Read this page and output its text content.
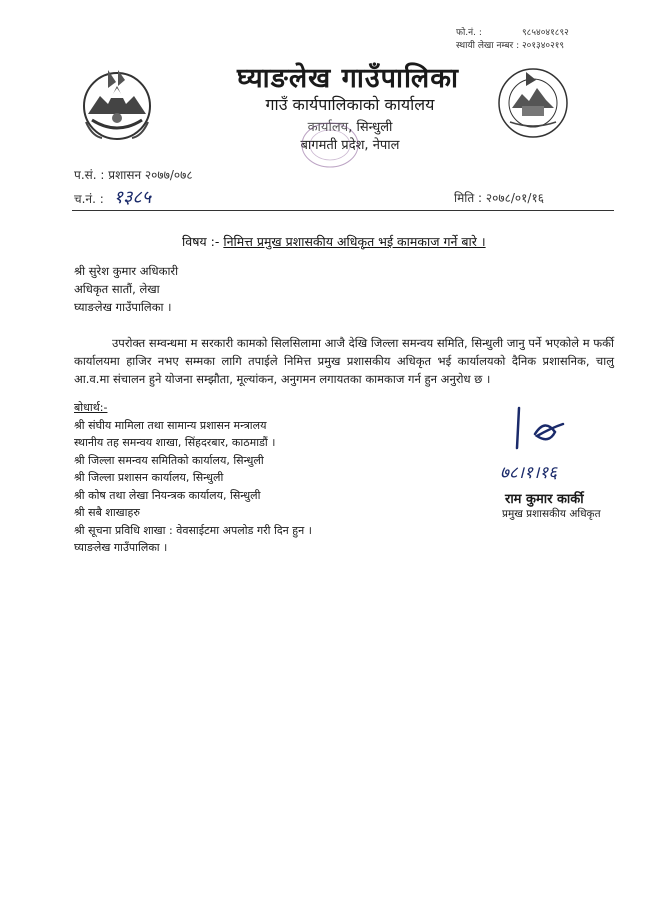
फो.नं. :	९८५४०४१८९२
स्थायी लेखा नम्बर : २०१३४०२१९
घ्याङलेख गाउँपालिका
गाउँ कार्यपालिकाको कार्यालय
कार्यालय, सिन्धुली
बागमती प्रदेश, नेपाल
प.सं. : प्रशासन २०७७/०७८
च.नं. : १३८५	मिति : २०७८/०१/१६
विषय :- निमित्त प्रमुख प्रशासकीय अधिकृत भई कामकाज गर्ने बारे ।
श्री सुरेश कुमार अधिकारी
अधिकृत सातौं, लेखा
घ्याङलेख गाउँपालिका ।
उपरोक्त सम्वन्धमा म सरकारी कामको सिलसिलामा आजै देखि जिल्ला समन्वय समिति, सिन्धुली जानु पर्ने भएकोले म फर्की कार्यालयमा हाजिर नभए सम्मका लागि तपाईले निमित्त प्रमुख प्रशासकीय अधिकृत भई कार्यालयको दैनिक प्रशासनिक, चालु आ.व.मा संचालन हुने योजना सम्झौता, मूल्यांकन, अनुगमन लगायतका कामकाज गर्न हुन अनुरोध छ ।
बोधार्थ:-
श्री संघीय मामिला तथा सामान्य प्रशासन मन्त्रालय
स्थानीय तह समन्वय शाखा, सिंहदरबार, काठमाडौं ।
श्री जिल्ला समन्वय समितिको कार्यालय, सिन्धुली
श्री जिल्ला प्रशासन कार्यालय, सिन्धुली
श्री कोष तथा लेखा नियन्त्रक कार्यालय, सिन्धुली
श्री सबै शाखाहरु
श्री सूचना प्रविधि शाखा : वेवसाईटमा अपलोड गरी दिन हुन ।
घ्याङलेख गाउँपालिका ।
७८।१।१६
राम कुमार कार्की
प्रमुख प्रशासकीय अधिकृत
